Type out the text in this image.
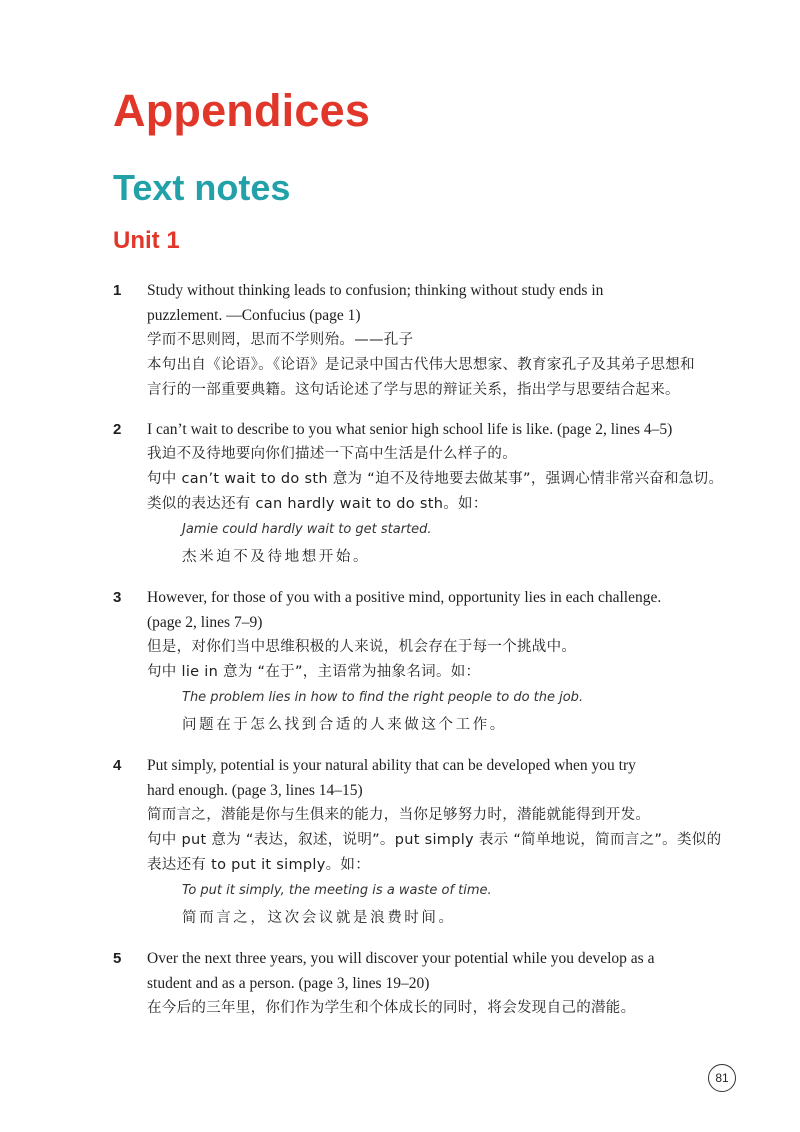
Appendices
Text notes
Unit 1
1 Study without thinking leads to confusion; thinking without study ends in
puzzlement. —Confucius (page 1)
学而不思则罔，思而不学则殆。——孔子
本句出自《论语》。《论语》是记录中国古代伟大思想家、教育家孔子及其弟子思想和
言行的一部重要典籍。这句话论述了学与思的辩证关系，指出学与思要结合起来。
2 I can’t wait to describe to you what senior high school life is like. (page 2, lines 4–5)
我迫不及待地要向你们描述一下高中生活是什么样子的。
句中 can’t wait to do sth 意为 “迫不及待地要去做某事”，强调心情非常兴奋和急切。
类似的表达还有 can hardly wait to do sth。如：
Jamie could hardly wait to get started.
杰米迫不及待地想开始。
3 However, for those of you with a positive mind, opportunity lies in each challenge.
(page 2, lines 7–9)
但是，对你们当中思维积极的人来说，机会存在于每一个挑战中。
句中 lie in 意为 “在于”，主语常为抽象名词。如：
The problem lies in how to find the right people to do the job.
问题在于怎么找到合适的人来做这个工作。
4 Put simply, potential is your natural ability that can be developed when you try
hard enough. (page 3, lines 14–15)
简而言之，潜能是你与生俱来的能力，当你足够努力时，潜能就能得到开发。
句中 put 意为 “表达，叙述，说明”。put simply 表示 “简单地说，简而言之”。类似的
表达还有 to put it simply。如：
To put it simply, the meeting is a waste of time.
简而言之，这次会议就是浪费时间。
5 Over the next three years, you will discover your potential while you develop as a
student and as a person. (page 3, lines 19–20)
在今后的三年里，你们作为学生和个体成长的同时，将会发现自己的潜能。
81
